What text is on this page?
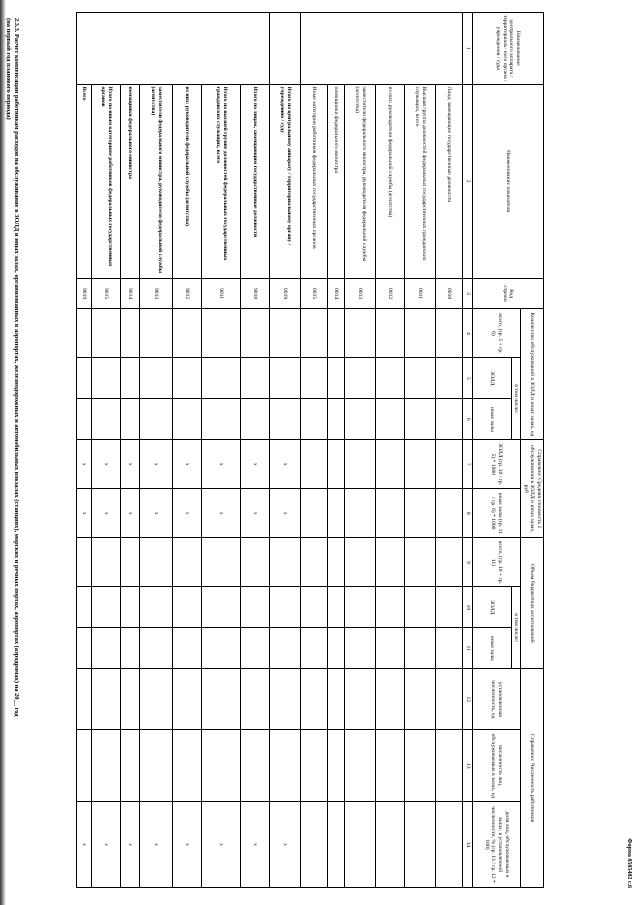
Форма 0505402 с.6
2.3.3. Расчет компенсации работникам расходов на обслуживание в ЗОЛД и иных залах, организованных в аэропортах, железнодорожных и автомобильных вокзалах (станциях), морских и речных портах, аэропортах (аэродромах) на 20__ год
(на первый год планового периода)	Наименование центрального аппарата / территориаль- ного органа / учреждения / суда	Наименование показателя	Код строки	Количество обслуживаний в ЗОЛД и иных залах, ед			Справочно: Средняя стоимость 1 обслуживания в ЗОЛД и иных залах, руб		Объем бюджетных ассигнований			Справочно: Численность работников		
			всего, (гр. 5 + гр. 6)	в том числе:		ЗОЛД (гр. 10 / гр. 5) * 1000	иные залы (гр. 11 / гр. 6) * 1000	всего, (гр. 10 + гр. 11)	в том числе:		установленная численность, ед	численность лиц, обслуживаемых в залах, ед	доля лиц, обслуживаемых в залах, в установленной численности, % (гр. 13 / гр. 12 * 100)
				ЗОЛД	иные залы				ЗОЛД	иные залы			
1	2	3	4	5	6	7	8	9	10	11	12	13	14
	Лица, замещающие государственные должности	0010											
	Высшая группа должностей федеральных государственных гражданских служащих, всего	0011											
	из них: руководители федеральной службы (агентства)	0012											
	заместители федерального министра, руководителя федеральной службы (агентства)	0013											
	помощники федерального министра	0014											
	Иные категории работников федеральных государственных органов	0015											
	Итого по центральному аппарату / территориальному органу / учреждению / суду	0019				x	x						x
	Итого по лицам, замещающим государственные должности	9010				x	x						x
	Итого по высшей группе должностей федеральных государственных гражданских служащих, всего	9011				x	x						x
	из них: руководители федеральной службы (агентства)	9012				x	x						x
	заместители федерального министра, руководителя федеральной службы (агентства)	9013				x	x						x
	помощники федерального министра	9014				x	x						x
	Итого по иным категориям работников федеральных государственных органов	9015				x	x						x
	Всего	9019				x	x						x
